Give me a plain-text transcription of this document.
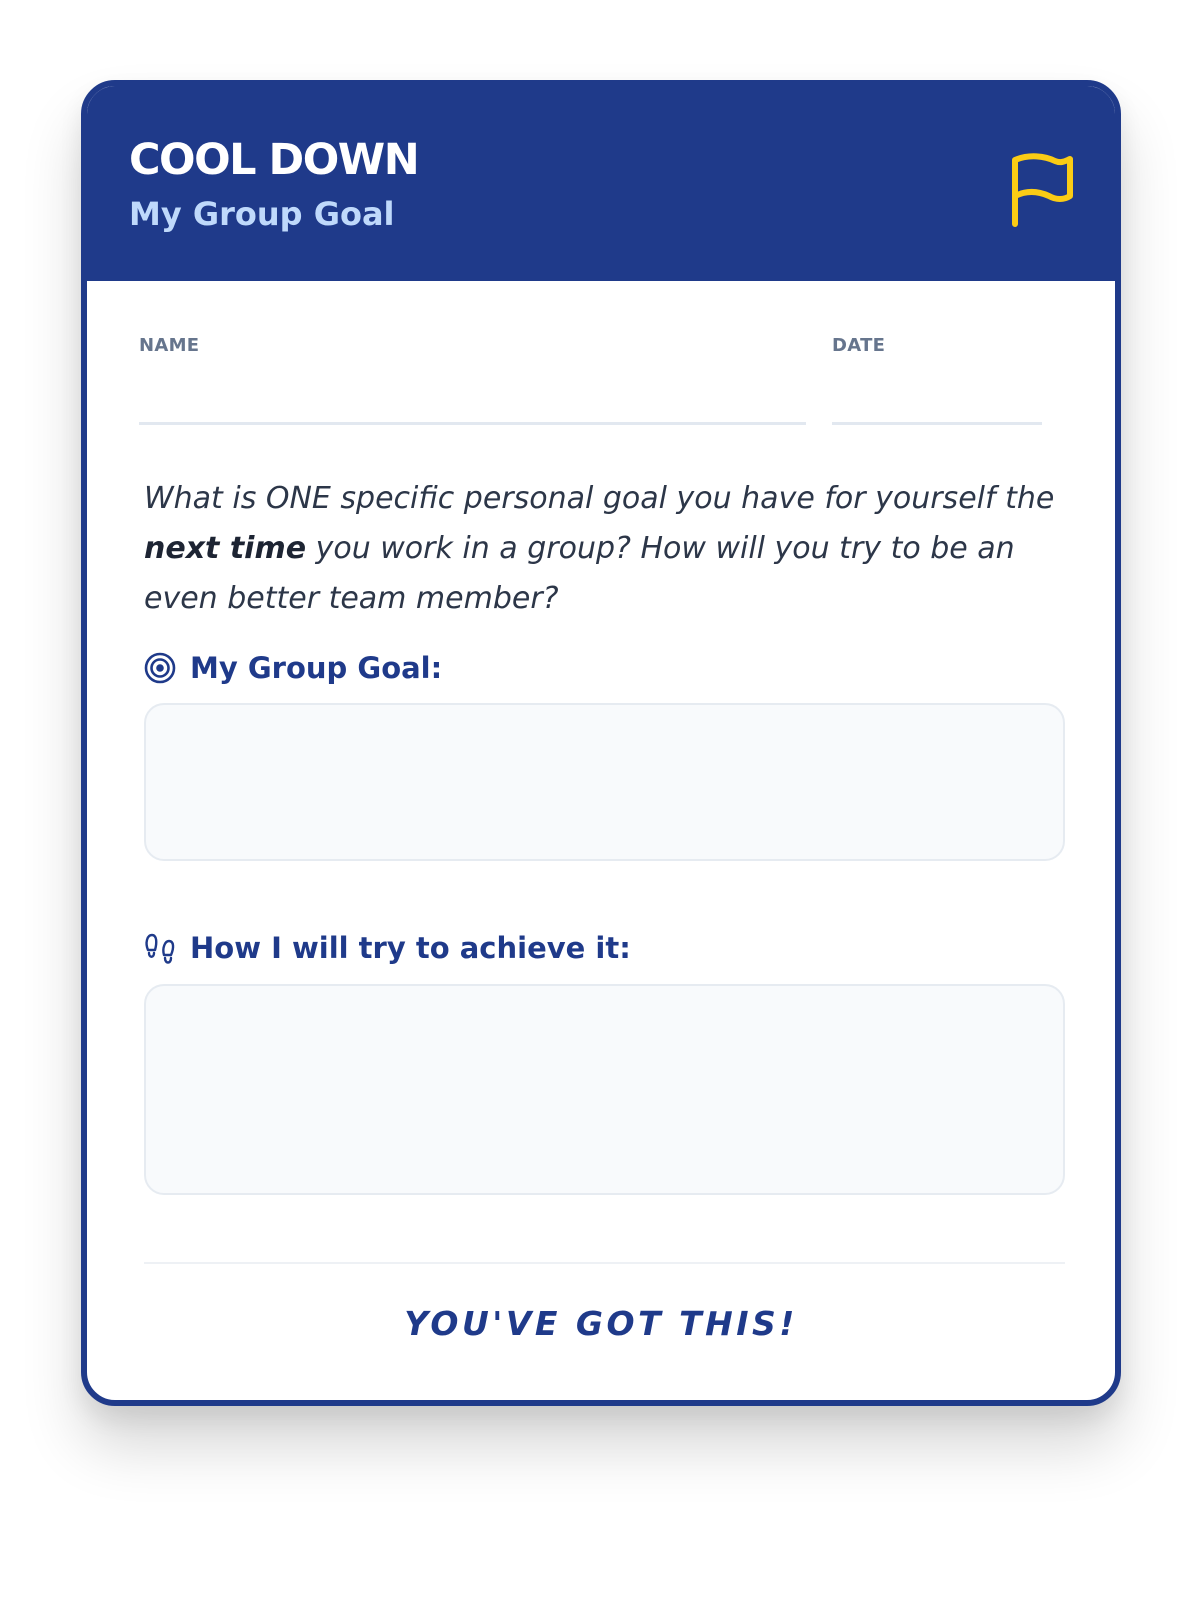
COOL DOWN
My Group Goal
NAME	DATE

What is ONE specific personal goal you have for yourself the next time you work in a group? How will you try to be an even better team member?

My Group Goal:
How I will try to achieve it:
YOU'VE GOT THIS!
